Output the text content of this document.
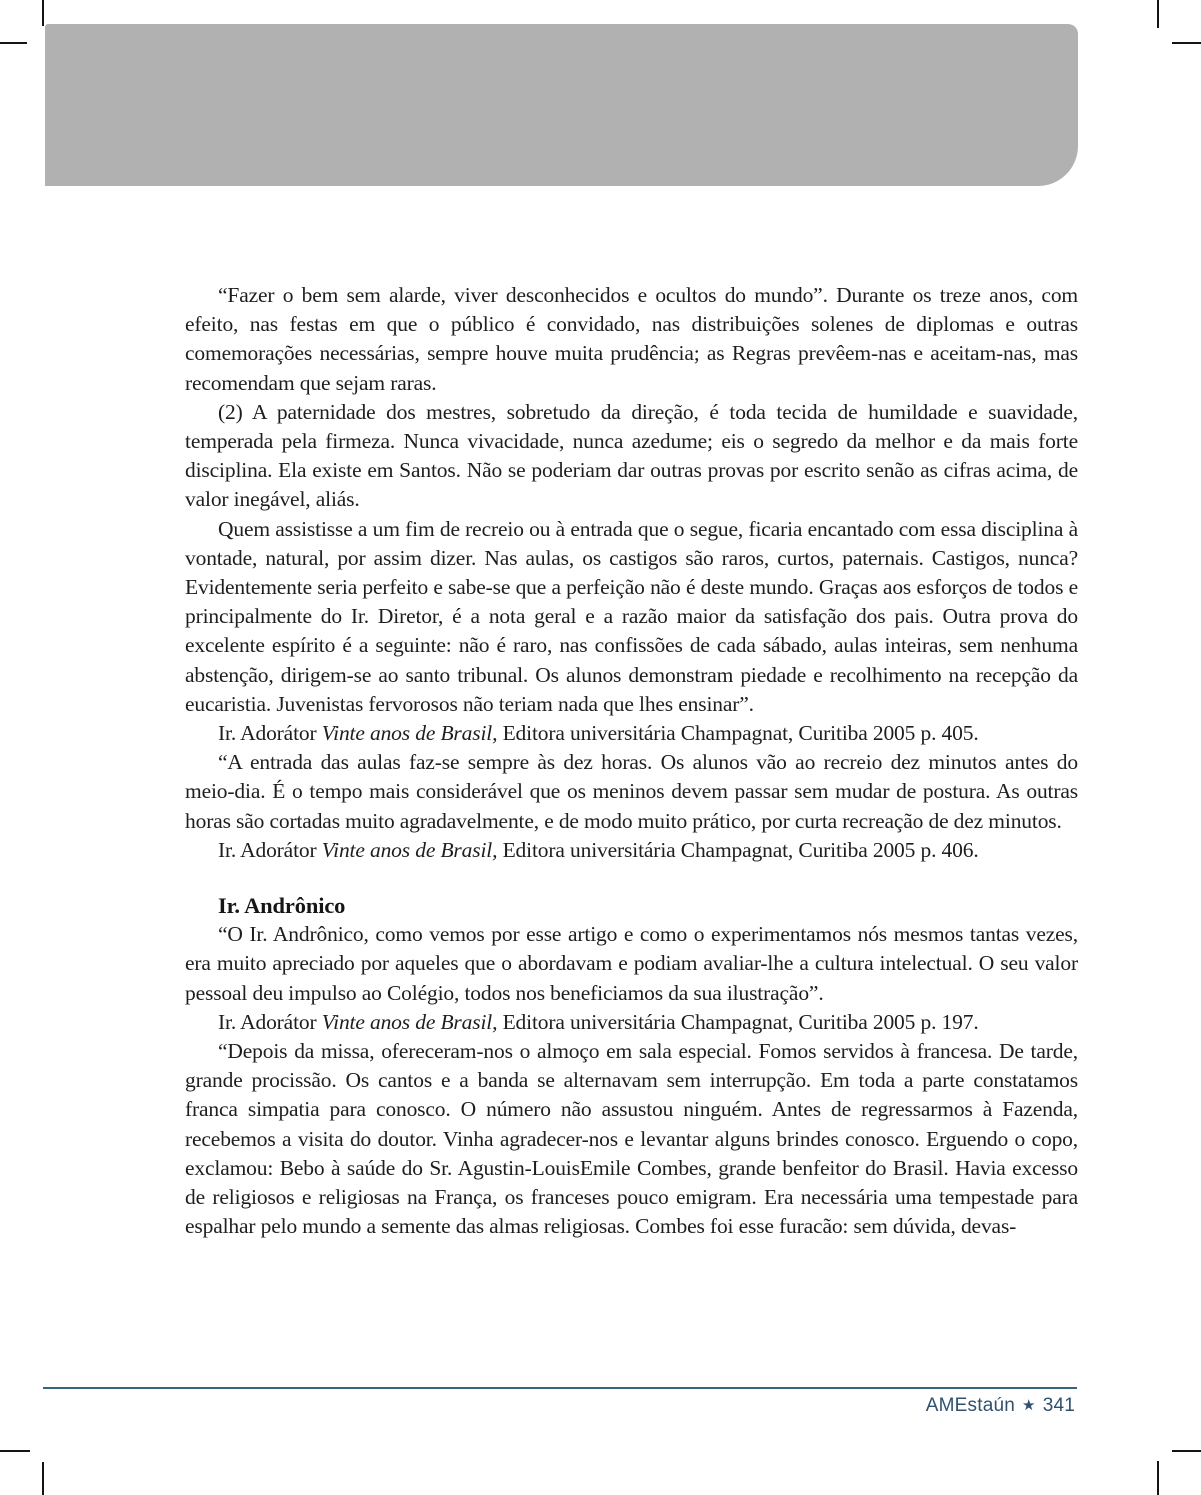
“Fazer o bem sem alarde, viver desconhecidos e ocultos do mundo”. Durante os treze anos, com efeito, nas festas em que o público é convidado, nas distribuições solenes de diplomas e outras comemorações necessárias, sempre houve muita prudência; as Regras prevêem-nas e aceitam-nas, mas recomendam que sejam raras.

(2) A paternidade dos mestres, sobretudo da direção, é toda tecida de humildade e suavidade, temperada pela firmeza. Nunca vivacidade, nunca azedume; eis o segredo da melhor e da mais forte disciplina. Ela existe em Santos. Não se poderiam dar outras provas por escrito senão as cifras acima, de valor inegável, aliás.

Quem assistisse a um fim de recreio ou à entrada que o segue, ficaria encantado com essa disciplina à vontade, natural, por assim dizer. Nas aulas, os castigos são raros, curtos, paternais. Castigos, nunca? Evidentemente seria perfeito e sabe-se que a perfeição não é deste mundo. Graças aos esforços de todos e principalmente do Ir. Diretor, é a nota geral e a razão maior da satisfação dos pais. Outra prova do excelente espírito é a seguinte: não é raro, nas confissões de cada sábado, aulas inteiras, sem nenhuma abstenção, dirigem-se ao santo tribunal. Os alunos demonstram piedade e recolhimento na recepção da eucaristia. Juvenistas fervorosos não teriam nada que lhes ensinar”.

Ir. Adorátor Vinte anos de Brasil, Editora universitária Champagnat, Curitiba 2005 p. 405.

“A entrada das aulas faz-se sempre às dez horas. Os alunos vão ao recreio dez minutos antes do meio-dia. É o tempo mais considerável que os meninos devem passar sem mudar de postura. As outras horas são cortadas muito agradavelmente, e de modo muito prático, por curta recreação de dez minutos.

Ir. Adorátor Vinte anos de Brasil, Editora universitária Champagnat, Curitiba 2005 p. 406.

Ir. Andrônico

“O Ir. Andrônico, como vemos por esse artigo e como o experimentamos nós mesmos tantas vezes, era muito apreciado por aqueles que o abordavam e podiam avaliar-lhe a cultura intelectual. O seu valor pessoal deu impulso ao Colégio, todos nos beneficiamos da sua ilustração”.

Ir. Adorátor Vinte anos de Brasil, Editora universitária Champagnat, Curitiba 2005 p. 197.

“Depois da missa, ofereceram-nos o almoço em sala especial. Fomos servidos à francesa. De tarde, grande procissão. Os cantos e a banda se alternavam sem interrupção. Em toda a parte constatamos franca simpatia para conosco. O número não assustou ninguém. Antes de regressarmos à Fazenda, recebemos a visita do doutor. Vinha agradecer-nos e levantar alguns brindes conosco. Erguendo o copo, exclamou: Bebo à saúde do Sr. Agustin-LouisEmile Combes, grande benfeitor do Brasil. Havia excesso de religiosos e religiosas na França, os franceses pouco emigram. Era necessária uma tempestade para espalhar pelo mundo a semente das almas religiosas. Combes foi esse furacão: sem dúvida, devas-

AMEstaún ★ 341
